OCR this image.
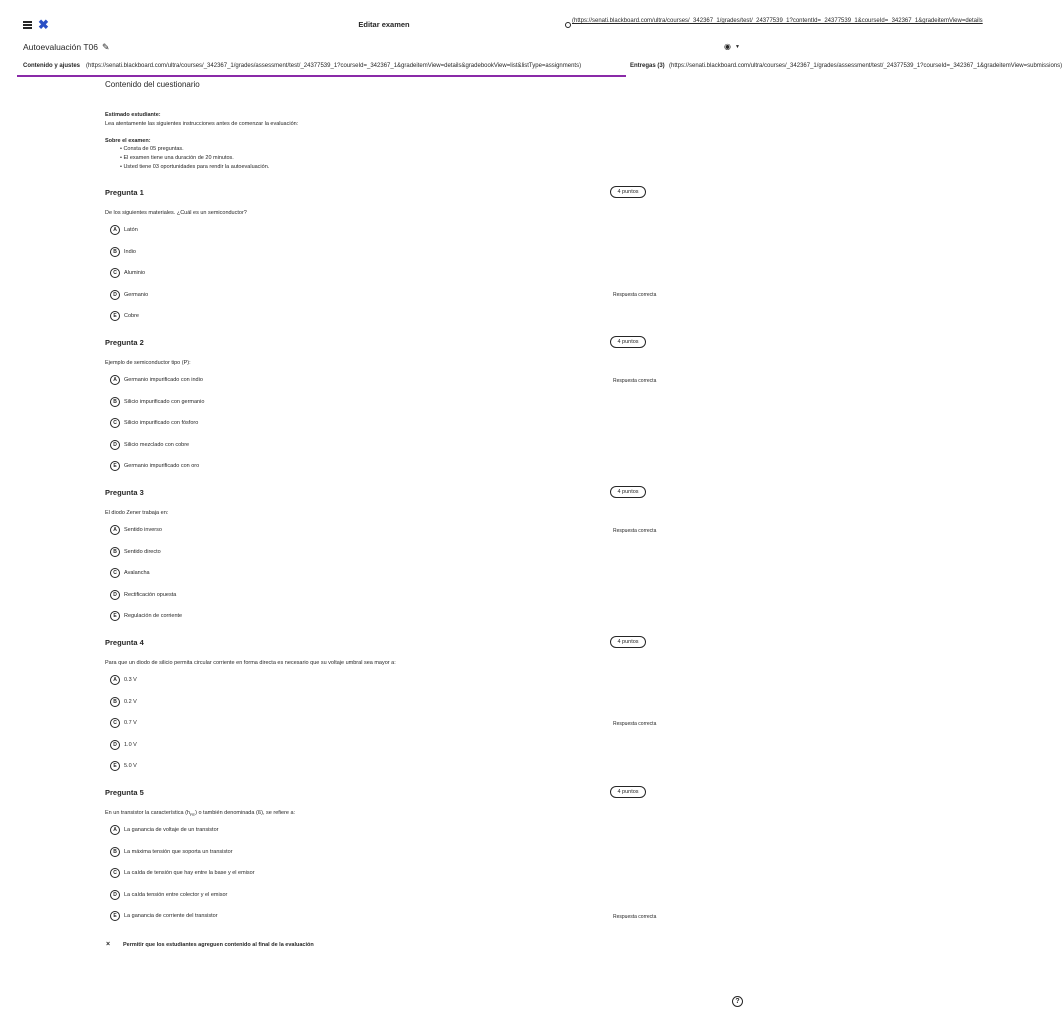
✖	Editar examen	(https://senati.blackboard.com/ultra/courses/_342367_1/grades/test/_24377539_1?contentId=_24377539_1&courseId=_342367_1&gradeitemView=details
Autoevaluación T06 ✎	◉ ▼
Contenido y ajustes (https://senati.blackboard.com/ultra/courses/_342367_1/grades/assessment/test/_24377539_1?courseId=_342367_1&gradeitemView=details&gradebookView=list&listType=assignments)	Entregas (3) (https://senati.blackboard.com/ultra/courses/_342367_1/grades/assessment/test/_24377539_1?courseId=_342367_1&gradeitemView=submissions)
Contenido del cuestionario
Estimado estudiante:
Lea atentamente las siguientes instrucciones antes de comenzar la evaluación:
Sobre el examen:
• Consta de 05 preguntas.
• El examen tiene una duración de 20 minutos.
• Usted tiene 03 oportunidades para rendir la autoevaluación.
Pregunta 1	4 puntos
De los siguientes materiales. ¿Cuál es un semiconductor?
A	Latón
B	Indio
C	Aluminio
D	Germanio	Respuesta correcta
E	Cobre
Pregunta 2	4 puntos
Ejemplo de semiconductor tipo (P):
A	Germanio impurificado con indio	Respuesta correcta
B	Silicio impurificado con germanio
C	Silicio impurificado con fósforo
D	Silicio mezclado con cobre
E	Germanio impurificado con oro
Pregunta 3	4 puntos
El diodo Zener trabaja en:
A	Sentido inverso	Respuesta correcta
B	Sentido directo
C	Avalancha
D	Rectificación opuesta
E	Regulación de corriente
Pregunta 4	4 puntos
Para que un diodo de silicio permita circular corriente en forma directa es necesario que su voltaje umbral sea mayor a:
A	0.3 V
B	0.2 V
C	0.7 V	Respuesta correcta
D	1.0 V
E	5.0 V
Pregunta 5	4 puntos
En un transistor la característica $(h_{FE})$ o también denominada (ß), se refiere a:
A	La ganancia de voltaje de un transistor
B	La máxima tensión que soporta un transistor
C	La caída de tensión que hay entre la base y el emisor
D	La caída tensión entre colector y el emisor
E	La ganancia de corriente del transistor	Respuesta correcta
× Permitir que los estudiantes agreguen contenido al final de la evaluación
?
